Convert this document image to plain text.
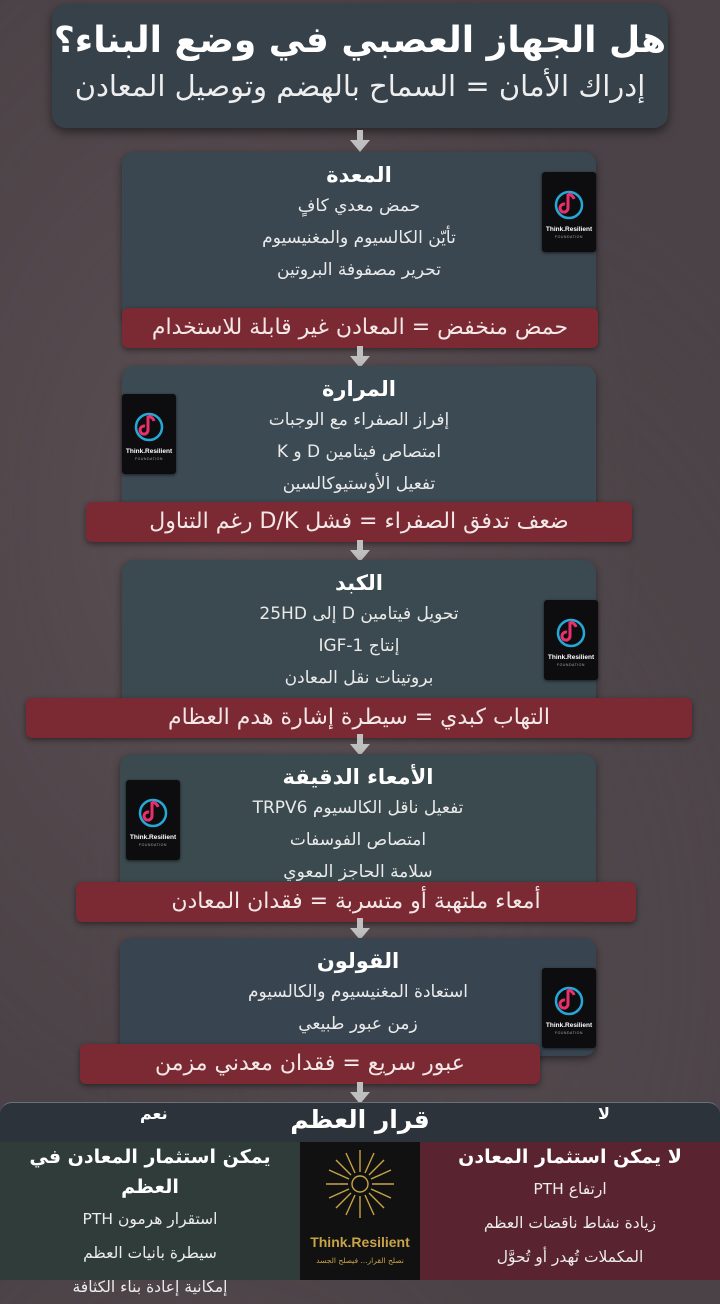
هل الجهاز العصبي في وضع البناء؟
إدراك الأمان = السماح بالهضم وتوصيل المعادن
المعدة
حمض معدي كافٍ
تأيّن الكالسيوم والمغنيسيوم
تحرير مصفوفة البروتين
Think.Resilient
FOUNDATION
حمض منخفض = المعادن غير قابلة للاستخدام
المرارة
إفراز الصفراء مع الوجبات
امتصاص فيتامين D و K
تفعيل الأوستيوكالسين
Think.Resilient
FOUNDATION
ضعف تدفق الصفراء = فشل D/K رغم التناول
الكبد
تحويل فيتامين D إلى 25HD
إنتاج IGF-1
بروتينات نقل المعادن
Think.Resilient
FOUNDATION
التهاب كبدي = سيطرة إشارة هدم العظام
الأمعاء الدقيقة
تفعيل ناقل الكالسيوم TRPV6
امتصاص الفوسفات
سلامة الحاجز المعوي
Think.Resilient
FOUNDATION
أمعاء ملتهبة أو متسربة = فقدان المعادن
القولون
استعادة المغنيسيوم والكالسيوم
زمن عبور طبيعي	Think.Resilient
FOUNDATION
عبور سريع = فقدان معدني مزمن
قرار العظم
نعم	لا
يمكن استثمار المعادن في العظم
استقرار هرمون PTH
سيطرة بانيات العظم
إمكانية إعادة بناء الكثافة
Think.Resilient
نصلح القرار... فيصلح الجسد
لا يمكن استثمار المعادن
ارتفاع PTH
زيادة نشاط ناقضات العظم
المكملات تُهدر أو تُحوَّل
